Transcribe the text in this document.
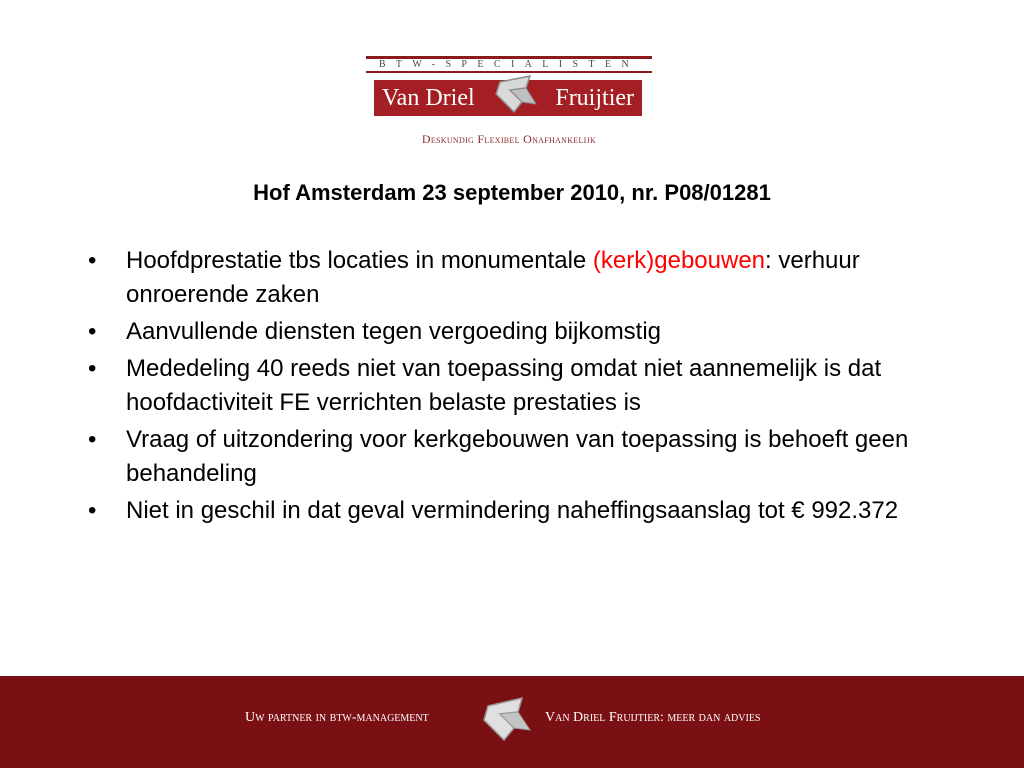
BTW-SPECIALISTEN
Van Driel	Fruijtier
Deskundig Flexibel Onafhankelijk
Hof Amsterdam 23 september 2010, nr. P08/01281
• Hoofdprestatie tbs locaties in monumentale (kerk)gebouwen: verhuur onroerende zaken
• Aanvullende diensten tegen vergoeding bijkomstig
• Mededeling 40 reeds niet van toepassing omdat niet aannemelijk is dat hoofdactiviteit FE verrichten belaste prestaties is
• Vraag of uitzondering voor kerkgebouwen van toepassing is behoeft geen behandeling
• Niet in geschil in dat geval vermindering naheffingsaanslag tot € 992.372
Uw partner in btw-management	Van Driel Fruijtier: meer dan advies
